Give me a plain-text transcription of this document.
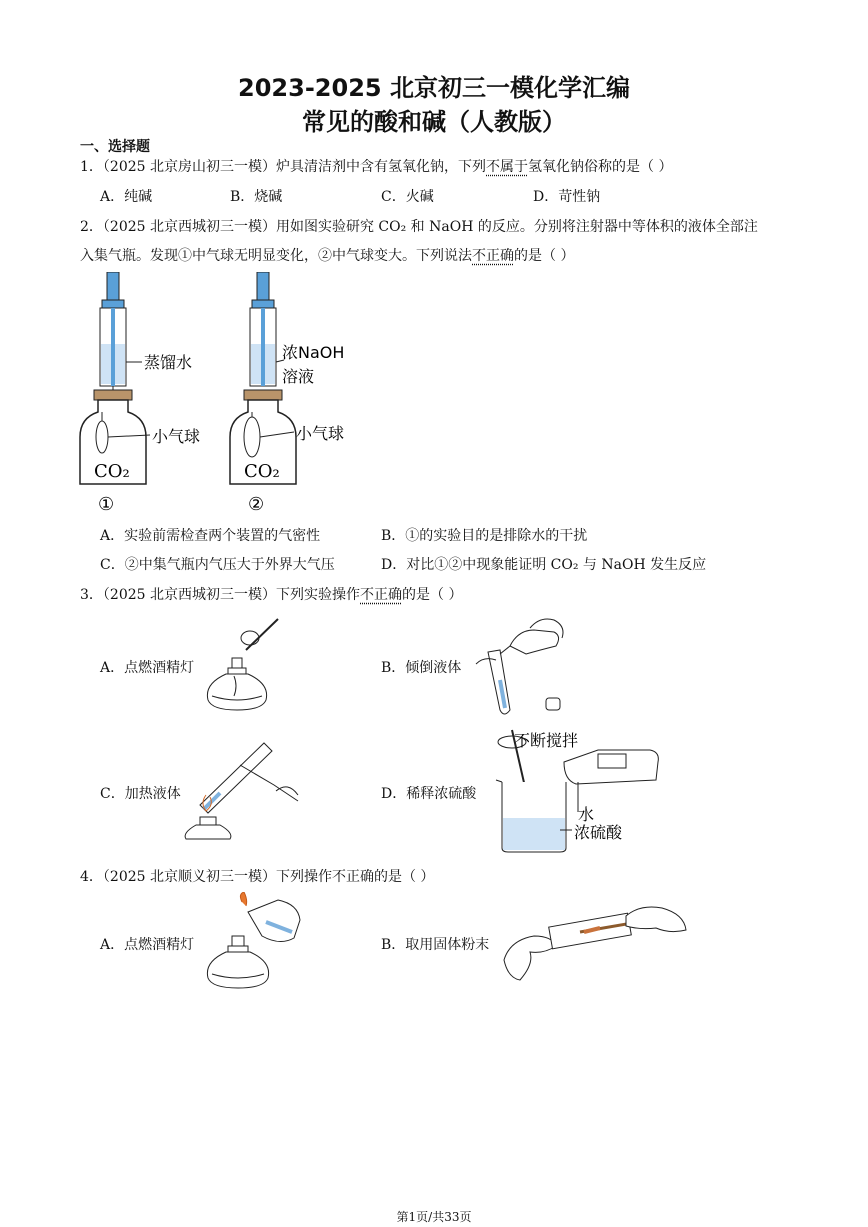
2023-2025 北京初三一模化学汇编
常见的酸和碱（人教版）
一、选择题
1．（2025 北京房山初三一模）炉具清洁剂中含有氢氧化钠，下列不属于氢氧化钠俗称的是（ ）
A．纯碱	B．烧碱	C．火碱	D．苛性钠
2．（2025 北京西城初三一模）用如图实验研究 CO₂ 和 NaOH 的反应。分别将注射器中等体积的液体全部注
入集气瓶。发现①中气球无明显变化，②中气球变大。下列说法不正确的是（ ）
蒸馏水
小气球
CO₂
①
浓NaOH
溶液
小气球
CO₂
②
A．实验前需检查两个装置的气密性	B．①的实验目的是排除水的干扰
C．②中集气瓶内气压大于外界大气压	D．对比①②中现象能证明 CO₂ 与 NaOH 发生反应
3．（2025 北京西城初三一模）下列实验操作不正确的是（ ）
A．点燃酒精灯	B．倾倒液体
C．加热液体
不断搅拌
水
浓硫酸
D．稀释浓硫酸
4．（2025 北京顺义初三一模）下列操作不正确的是（ ）
A．点燃酒精灯	B．取用固体粉末
第1页/共33页
